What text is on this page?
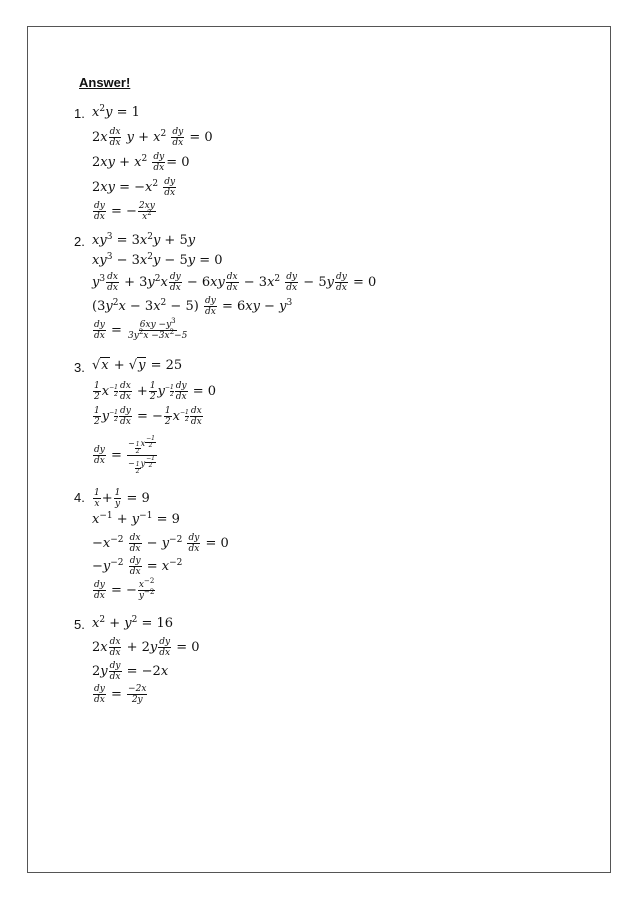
Answer!
1. $x^2y = 1$
$2x \frac{dx}{dx}$ $y + x^2 \frac{dy}{dx} = 0$
$2xy + x^2 \frac{dy}{dx} = 0$
$2xy = -x^2 \frac{dy}{dx}$
$\frac{dy}{dx}$ = − $\frac{2xy}{x^2}$
2. $xy^3 = 3x^2y + 5y$
$xy^3 - 3x^2y - 5y = 0$
$y^3 \frac{dx}{dx} + 3y^2x \frac{dy}{dx} - 6xy \frac{dx}{dx} - 3x^2 \frac{dy}{dx} - 5y \frac{dy}{dx} = 0$
$(3y^2x - 3x^2 - 5) \frac{dy}{dx} = 6xy - y^3$
$\frac{dy}{dx} = \frac{6xy -y^3}{3y^2x -3x^2-5}$
3. √x + √y = 25
$\frac{1}{2}$ $x - \frac{1}{2} \frac{dx}{dx} + \frac{1}{2}$ $y - \frac{1}{2} \frac{dy}{dx} = 0$
$\frac{1}{2}$ $y - \frac{1}{2} \frac{dy}{dx}$ = − $\frac{1}{2}$ $x - \frac{1}{2} \frac{dx}{dx}$
$\frac{dy}{dx} = \frac{- \frac{1}{2} x \frac{-1}{2}}{- \frac{1}{2} y \frac{-1}{2}}$
4. $\frac{1}{x} + \frac{1}{y} = 9$
$x^{-1} + y^{-1} = 9$
$-x^{-2} \frac{dx}{dx} - y^{-2} \frac{dy}{dx} = 0$
$-y^{-2} \frac{dy}{dx} = x^{-2}$
$\frac{dy}{dx}$ = − $\frac{x^{-2}}{y^{-2}}$
5. $x^2 + y^2 = 16$
$2x \frac{dx}{dx} + 2y \frac{dy}{dx} = 0$
$2y \frac{dy}{dx} = -2x$
$\frac{dy}{dx} = \frac{-2x}{2y}$
